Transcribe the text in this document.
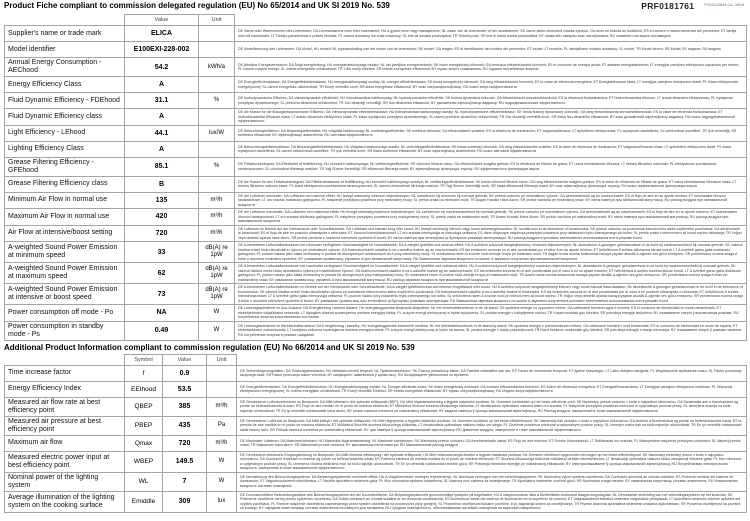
Product Fiche compliant to commission delegated regulation (EU) No 65/2014 and UK SI 2019 No. 539	PRF0181761	F0G0102848 Cd. 08/18
	Value	Unit	
Supplier's name or trade mark	ELICA		DE Name oder Warenzeichen des Lieferanten; DA Leverandørens navn eller varemærke; HU a gyártó neve vagy márkajelzése; NL naam van de leverancier of het handelsmerk; SK názov alebo obchodná značka výrobcu; GA ainm nó branda an tsoláthraí; ES el nombre o marca comercial del proveedor; ET tarnija nimi või kaubamärk; LT Tiekėjo pavadinimas ir prekės ženklas; PL nazwa dostawcy lub znak towarowy; SL ime ali oznaka proizvajalca; TR Tedarikçi adı; SR ime ili robna marka proizvođača; BY назва або таварны знак пастаўшчыка; RU название или марка поставщика
Model identifier	E100EXI-228-002		DE Modellkennung des Lieferanten; DA Model; HU modell; NL typeaanduiding van het model van de leverancier; SK model; GA leagan; ES el identificador del modelo del proveedor; ET mudel; LT modelis; PL identyfikator modelu dostawcy; SL model; TR Model tanımı; SR Model; BY мадэль; RU модель
Annual Energy Consumption - AEChood	54.2	kWh/a	DE jährliche Energieverbrauch; DA Årligt energiforbrug; HU energiahatékonysági mutató; NL het jaarlijkse energieverbruik; SK index energetickej účinnosti; GA ionnúsca éifeachtúlachta fuinnimh; ES el consumo de energía anual; ET aastane energiatarbimine; LT energijos vartojimo efektyvumo sąnaudos per metus; PL roczne zużycie energii; SL indeks energetske učinkovitosti; TR Yıllık enerji tüketimi; SR indeks energetske efikasnosti; BY індэкс энергіі спажывання; RU годовое потребление энергии
Energy Efficiency Class	A		DE Energieeffizienzklasse; DA Energieffektivitetsklasse; HU energiahatékonysági osztály; NL energie-efficiëntieklasse; SK trieda energetickej účinnosti; GA rang éifeachtúlachta fuinnimh; ES la clase de eficiencia energética; ET Energiatõhususe klass; LT energijos vartojimo efektyvumo klasė; PL klasa efektywności energetycznej; SL razred energetske učinkovitosti; TR Enerji verimlilik sınıfı; SR klasa energetske efikasnosti; BY клас энергаэфектыўнасці; RU класс энергоэффективности
Fluid Dynamic Efficiency - FDEhood	31.1	%	DE hydrodynamische Effizienz; DA Væskedynamisk effektivitet; HU hidrodinamikus hatékonyság; NL hydrodynamische efficiëntie; SK fluidná dynamická účinnosť; GA éifeachtúlacht shreabhdhinimiciúil; ES la eficiencia fluidodinámica; ET hüdrodünaamika tõhusus; LT srauto dinaminis efektyvumas; PL wydajność przepływu dynamicznego; SL pretočna dinamična učinkovitost; TR Sıvı dinamiği verimliliği; SR fluo dinamička efikasnost; BY дынамічная эфектыўнасць вадкасці; RU гидродинамическая эффективность
Fluid Dynamic Efficiency class	A		DE die Klasse für die flüssigkeitsdynamische Effizienz; DA Væskedynamisk effektivitetsklasse; HU hidrodinamikai hatékonysági osztály; NL hydrodynamische-efficiëntieklasse; SK trieda fluidnej dynamickej účinnosti; GA rang éifeachtúlachta shreabhdhinimiciúla; ES la clase de eficiencia fluidodinámica; ET hüdrodünaamika tõhususe klass; LT srauto dinaminio efektyvumo klasė; PL klasa wydajności przepływu dynamicznego; SL razred pretočne dinamične učinkovitosti; TR Sıvı dinamiği verimlilik sınıfı; SR klasa fluo-dinamičke efikasnosti; BY клас дынамічнай эфектыўнасці вадкасці; RU класс гидродинамической эффективности
Light Efficiency - LEhood	44.1	lux/W	DE Beleuchtungseffizienz; DA Belysningseffektivitet; HU világítási hatékonyság; NL verlichtingsefficiëntie; SK svetelná účinnosť; GA éifeachtúlacht soilsithe; ES la eficiencia de iluminación; ET valgustustõhusus; LT apšvietimo efektyvumas; PL wydajność oświetlenia; SL učinkovitost osvetlitve; TR Işık verimliliği; SR svetlosna efikasnost; BY эфектыўнасць асвятлення; RU световая эффективность
Lighting Efficiency Class	A		DE Beleuchtungseffizienzklasse; DA Belysningseffektivitetsklasse; HU világítási hatékonysági osztály; NL verlichtingsefficiëntieklasse; SK trieda svetelnej účinnosti; GA rang éifeachtúlachta soilsithe; ES la clase de eficiencia de iluminación; ET valgustustõhususe klass; LT apšvietimo efektyvumo klasė; PL klasa wydajności oświetlenia; SL razred učinkovitosti osvetlitve; TR Işık verimlilik sınıfı; SR klasa svetlosne efikasnosti; BY клас эфектыўнасці асвятлення; RU класс световой эффективности
Grease Filtering Efficiency - GFEhood	85.1	%	DE Fettabscheidegrad; DA Effektivitet af fedtfiltrering; HU zsírszűrő hatékonysága; NL vetfilteringsefficiëntie; SK účinnosť filtrácie tukov; GA éifeachtúlacht scagtha gréisce; ES la eficiencia de filtrado de grasa; ET rasva eemaldamise tõhusus; LT riebalų filtravimo našumas; PL efektywność pochłaniania zanieczyszczeń; SL učinkovitost filtriranja maščob; TR Yağ Süzme Verimliliği; SR efikasnost filtriranja masti; BY эфектыўнасць фільтрацыі тлушчу; RU эффективность фильтрации жиров
Grease Filtering Efficiency class	B		DE die Klasse für den Fettabscheidegrad; DA Effektivitetsklasse af fedtfiltrering; HU zsírszűrő hatékonysági osztálya; NL vetfilteringsefficiëntieklasse; SK trieda účinnosti filtrácie tukov; GA rang éifeachtúlachta scagtha gréisce; ES la clase de eficiencia de filtrado de grasa; ET rasva eemaldamise tõhususe klass; LT riebalų filtravimo našumo klasė; PL klasa efektywności pochłaniania zanieczyszczeń; SL razred učinkovitosti filtriranja maščob; TR Yağ Süzme Verimliliği sınıfı; SR klasa efikasnosti filtriranja masti; BY клас эфектыўнасці фільтрацыі тлушчу; RU класс эффективности фильтрации жиров
Minimum Air Flow in normal use	135	m³/h	DE der Luftstrom minimaler; DA Luftstrøm ved minimal effekt; HU levegő sebesség minimum teljesítményen; NL luchtstroom bij minimum bij normaal gebruik; SK prietok vzduchu pri minimálnom výkone; GA aershreabhadh ag an íoschumhacht; ES el flujo de aire en su ajuste mínimo; ET minimaalne õhuvool tavakasutusel; LT oro srautas mažiausiu galingumu; PL natężenie przepływu powietrza przy minimalnej mocy; SL pretok zraka na minimalni moči; TR Asgari Hızdaki Hava Akımı; SR protok vazduha pri minimalnoj snazi; BY паток паветра пры мінімальнай магутнасці; RU расход воздуха при минимальной мощности
Maximum Air Flow in normal use	420	m³/h	DE der Luftstrom maximaler; DA Luftstrøm ved maksimal effekt; HU levegő sebesség maximum teljesítményen; NL luchtstroom bij maximumsnelheid bij normaal gebruik; SK prietok vzduchu pri maximálnom výkone; GA aershreabhadh ag an uaschumhacht; ES el flujo de aire en su ajuste máximo; ET maksimaalne õhuvool tavakasutusel; LT oro srautas didžiausiu galingumu; PL natężenie przepływu powietrza przy maksymalnej mocy; SL pretok zraka na maksimalni moči; TR Azami Hızdaki Hava Akımı; SR protok vazduha pri maksimalnoj snazi; BY паток паветра пры максімальнай магутнасці; RU расход воздуха при максимальной мощности
Air Flow at intensive/boost setting	720	m³/h	DE Luftstrom im Betrieb auf der Intensivstufe oder Schnelllaufstufe; DA Luftstrøm ved intensiv brug eller boost; HU levegő sebesség intenzív vagy boost sebességfokozaton; NL luchtstroom in de intensieve of boostmodus; SK prietok vzduchu za podmienok intenzívneho alebo zvýšeného používania; GA aersheoladh le tréanúsáid; ES el flujo de aire en posición ultrarrápida o reforzada; ET õhuvool intensiivkasutusel; LT oro srautas intensyviąja ar forsuotąja veiksena; PL dane dotyczące natężenia przepływu powietrza przy ustawieniu trybu intensywnego lub turbo; SL pretok zraka v intenzivnem ali boost načinu delovanja; TR Yoğun veya destekli ayarda hava akımı; SR protok vazduha u uslovima intenzivne upotrebe ili boost; BY паток паветра пры інтэнсіўных ці бустарных рэжымах эксплуатацыі; RU расход воздуха в условиях интенсивного использования или в режиме boost
A-weighted Sound Power Emission at minimum speed	33	dB(A) re 1pW	DE A-bewerteten Luftschallemissionen bei minimaler verfügbarer Geschwindigkeit im Normalbetrieb; DA A-vægtet lydeffekt ved minimal effekt; HU A szűrővel súlyozott hangteljesítmény minimum teljesítményen; NL akoestische A-gewogen geluidsemissie in de lucht bij minimumsnelheid bij normaal gebruik; SK vážená hladina emisií hluku akustického výkonu pri minimálnom výkone; GA fuaimchumhacht ualaithe A na n-astuithe fuaime ag an íoschumhacht; ES las emisiones sonoras en el aire ponderadas por el valor A en su ajuste mínimo; ET helivõimsus A suhtes vähesema kiiruse korral; LT A svertinė garso galia mažiausiu galingumu; PL poziom hałasu jako hałas emitowany w postaci fal akustycznych odniesionych do A przy minimalnej mocy; SL vrednotena raven A zvočne moči emisije hrupa pri minimalni moči; TR Asgari hızda normal kullanımda havaya yayılan akustik A-ağırlıklı ses gücü emisyonu; SR ponderisana zvučna snaga A buke u uslovima minimalne upotrebe; BY узважаная гукавая моц, узровень A пры мінімальнай магутнасці; RU Взвешенная звуковая мощность по шкале A звукового излучения при минимальной мощности
A-weighted Sound Power Emission at maximum speed	62	dB(A) re 1pW	DE A-bewerteten Luftschallemissionen bei maximaler verfügbarer Geschwindigkeit im Normalbetrieb; DA A-vægtet lydeffekt ved maksimal effekt; HU A szűrővel súlyozott hangteljesítmény maximum teljesítményen; NL akoestische A-gewogen geluidsemissie in de lucht bij maximumsnelheid bij normaal gebruik; SK vážená hladina emisií hluku akustického výkonu pri maximálnom výkone; GA fuaimchumhacht ualaithe A na n-astuithe fuaime ag an uaschumhacht; ES las emisiones sonoras en el aire ponderadas por el valor A en su ajuste máximo; ET helivõimsus A suhtes suurima kiiruse korral; LT A svertinė garso galia didžiausiu galingumu; PL poziom hałasu jako hałas emitowany w postaci fal akustycznych przy maksymalnej mocy; SL vrednotena raven A zvočne moči emisije hrupa pri maksimalni moči; TR Azami hızda normal kullanımda havaya yayılan akustik A-ağırlıklı ses gücü emisyonu; SR ponderisana zvučna snaga A buke pri maksimalnoj snazi; BY узважаная гукавая моц, узровень A пры максімальнай магутнасці; RU расход звуковая мощность при максимальной мощности
A-weighted Sound Power Emission at intensive or boost speed	73	dB(A) re 1pW	DE A-bewerteten Luftschallemissionen im Betrieb auf der Intensivstufe oder Schnelllaufstufe; DA A-vægtet lydeffektniveau ved intensiv brug/tilstand eller boost; HU A szűrővel súlyozott hangteljesítmény intenzív vagy boost fokozat használatakor; NL akoestische A-gewogen geluidsemissie in de lucht in de intensieve of boostmodus; SK vážená hladina emisií hluku akustického výkonu za podmienok intenzívneho alebo zvýšeného používania; GA fuaimchumhacht ualaithe A na n-astuithe fuaime le tréanúsáid; ES las emisiones sonoras en el aire ponderadas por el valor A en posición ultrarrápida o reforzada; ET helivõimsus A suhtes intensiivkasutusel; LT A svertinė garso galia intensyviąja veiksena; PL poziom hałasu przy ustawieniu trybu intensywnego lub turbo; SL vrednotena raven A zvočne moči pri intenzivnem ali boost načinu; TR Yoğun veya destekli ayarda havaya yayılan akustik A-ağırlıklı ses gücü emisyonu; SR ponderisana zvučna snaga A buke u uslovima intenzivne upotrebe ili boost; BY узважаная гукавая моц пры інтэнсіўных ці бустарных рэжымах эксплуатацыі; RU Взвешенная звуковая мощность по шкале A звукового излучения в условиях интенсивного использования или в режиме boost
Power consumption off mode - Po	NA	W	DE Leistungsaufnahme im Aus-Zustand; DA Energiforbrug i slukket tilstand; HU energiafogyasztás kikapcsolt állapotban; NL het elektriciteitsverbruik in de uit-stand; SK spotreba energie vo vypnutom režime; GA caitheamh fuinnimh agus é múchta; ES el consumo de electricidad en modo desactivado; ET elektritarbimine väljalülitatud seisundis; LT išjungties būsena suvartojamos elektros energijos kiekis; PL zużycie energii elektrycznej w trybie wyłączenia; SL poraba energije v izklopljenem načinu; TR Kapalı moddaki güç tüketimi; SR potrošnja energije isključena; BY спажыванне энергіі ў выключаным рэжыме; RU потребление энергии в выключенном состоянии
Power consumption in standby mode - Ps	0.49	W	DE Leistungsaufnahme im Bereitschaftszustand; DA Energiforbrug i standby; HU energiafogyasztás készenléti módban; NL het elektriciteitsverbruik in de stand-by-stand; SK spotreba energie v pohotovostnom režime; GA caitheamh fuinnimh i mód fuireachais; ES el consumo de electricidad en modo de espera; ET elektritarbimine ooteseisundis; LT budėjimo veiksena suvartojamos elektros energijos kiekis; PL zużycie energii elektrycznej w trybie czuwania; SL poraba energije v stanju pripravljenosti; TR Hazır bekleme modundaki güç tüketimi; SR potrošnja energije u stanju mirovanja; BY спажыванне энергіі ў рэжыме чакання; RU потребление энергии в режиме ожидания
Additional Product Information compliant to commission regulation (EU) No 66/2014 and UK SI 2019 No. 539
	Symbol	Value	Unit	
Time increase factor	f	0.9		DE Zeitverlängerungsfaktor; DA Tidsforøgelsesfaktor; HU időtartam-növelő tényező; NL Tijdstoenamefactor; SK Časový prírastkový faktor; GA Fachtóir méadaithe san am; ES Factor de incremento temporal; ET Ajaline kasvutegur; LT Laiko didėjimo daugiklis; PL Współczynnik wydłużenia czasu; SL Faktor povečanja skupnega časa; SR Faktor povećanja tokom vremena; BY каэфіцыент павелічэння ў цягам часу; RU Коэффициент увеличения по времени
Energy Efficiency Index	EEIhood	53.5		DE Energieeffizienzindex; DA Energieffektivitetsindeks; HU Energiahatékonysági mutató; NL Energie-efficiëntie-index; SK Index energetickej účinnosti; GA Innéacs éifeachtúlachta fuinnimh; ES Índice de eficiencia energética; ET Energiatõhususindeks; LT Energijos vartojimo efektyvumo indeksas; PL Wskaźnik efektywności energetycznej; SL Indeks energijske učinkovitosti; TR Enerji Verimlilik Endeksi; SR Indeks energetske efikasnosti; BY Індэкс энергаэфектыўнасці; RU Индекс энергоэффективности
Measured air flow rate at best efficiency point	QBEP	385	m³/h	DE Gemessener Luftvolumenstrom im Bestpunkt; DA Målt luftstrøm i det optimale driftspunkt (BEP); HU Mért légáramsebesség a legjobb hatásfokú pontban; NL Gemeten luchtdebiet op het beste-efficiëntie punt; SK Nameraný prietok vzduchu v bode s najvyššou účinnosťou; GA Sreabhráta aeir a thomhaistear ag pointe na héifeachtúlachta is fearr; ES Flujo de aire medido en el punto de máxima eficiencia; ET Mõõdetud õhuvool suurima tõhususega töökohas; LT Išmatuotasis optimalaus našumo taško oro srautas; PL Natężenie przepływu powietrza mierzone w optymalnym punkcie pracy; SL Izmerjena stopnja na točki največje učinkovitosti; TR En iyi verimlilik noktasındaki hava akımı; SR protok vazduha izmerena pri maksimalnoj efikasnosti; BY выдаткі паветра ў кропцы максімальнай эфектыўнасці; RU Расход воздуха, замеренный в точке максимальной эффективности
Measured air pressure at best efficiency point	PBEP	435	Pa	DE Gemessener Luftdruck im Bestpunkt; DA Målt lufttryk i det optimale driftspunkt; HU Mért légnyomás a legjobb hatásfokú pontban; NL Gemeten luchtdruk op het beste-efficiëntiepunt; SK Nameraný tlak vzduchu v bode s najvyššou účinnosťou; GA Aerbhrú a thomhaistear ag pointe na héifeachtúlachta uasta; ES la presión de aire medida en el punto de máxima eficiencia; ET Mõõdetud õhurõhk suurima tõhususega töökohas; LT Išmatuotasis optimalaus našumo taško oro slėgis; PL Ciśnienie powietrza mierzone w optymalnym punkcie pracy; SL Izmerjen zračni tlak na točki največje učinkovitosti; TR En iyi verimlilik noktasındaki statik basınç farkı; SR Pritisak vazduha izmerena pri maksimalnoj efikasnosti; BY ціск паветра ў кропцы максімальнай эфектыўнасці; RU Давление воздуха, замеренное в точке максимальной эффективности
Maximum air flow	Qmax	720	m³/h	DE Maximaler Luftstrom; DA Maksimal luftstrøm; HU Maximális légáramsebesség; NL Maximale luchtstroom; SK Maximálny prietok vzduchu; GA Aershreabhadh uasta; ES Flujo de aire máximo; ET Suurim õhuvooluhulk; LT Didžiausias oro srautas; PL Maksymalne natężenie przepływu powietrza; SL Največji pretok zraka; TR Maksimum hava akımı; SR Maksimalni protok vazduha; BY максімальны паток паветра; RU Максимальный расход воздуха
Measured electric power input at best efficiency point	WBEP	149.5	W	DE Gemessene elektrische Eingangsleistung im Bestpunkt; DA Målt elektrisk effektoptag i det optimale driftspunkt; HU Mért villamosenergia-felvétel a legjobb hatásfokú pontban; NL Gemeten elektrisch opgenomen vermogen op het beste-efficiëntiepunt; SK Nameraný elektrický príkon v bode s najvyššou účinnosťou; GA Cumhacht leictreach a chaitear ag pointe na héifeachtúlachta uasta; ES Potencia eléctrica de entrada medida en el punto de máxima eficiencia; ET Suurima tõhususega töökohas mõõdetud tarbitav sisendvõimsus; LT Išmatuotoji optimalaus našumo taško vartojamoji elektrinė galia; PL Moc mierzona w optymalnym punkcie pracy; SL Izmerjena vhodna električna moč na točki najvišje učinkovitosti; TR En iyi verimlilik noktasındaki elektrik gücü; SR Potrošnja električne energije pri maksimalnoj efikasnosti; BY электраспажыванне ў кропцы максімальнай эфектыўнасці; RU Потребляемая электрическая мощность, замеренная в точке максимальной эффективности
Nominal power of the lighting system	WL	7	W	DE Nennleistung des Beleuchtungssystems; DA Belysningssystemets nominelle effekt; HU A világítórendszer névleges teljesítménye; NL Nominaal vermogen van het verlichtingssysteem; SK Nominálny výkon systému osvetlenia; GA Cumhacht ainmniúil an chórais soilsithe; ES Potencia nominal del sistema de iluminación; ET Valgustussüsteemi nimivõimsus; LT Vardinė apšvietimo sistemos galia; PL Moc nominalna systemu oświetlenia; SL Nazivna moč sistema za osvetljevanje; TR Aydınlatma sisteminin nominal gücü; SR Nominalna snaga rasvete; BY намінальная магутнасць сістэмы асвятлення; RU Номинальная мощность системы освещения
Average illumination of the lighting system on the cooking surface	Emiddle	309	lux	DE Durchschnittliche Beleuchtungsstärke des Beleuchtungssystems auf der Kochoberfläche; DA Belysningssystemets gennemsnitlige lysstyrke på kogefladen; HU A világítórendszer által a főzőfelületen biztosított átlagos megvilágítás; NL Gemiddelde verlichting van het verlichtingssysteem op het kookvlak; SK Priemerné osvetlenie varnej plochy systémom osvetlenia; GA Soilsiú meánach an chórais soilsithe ar an dromchla cócaireachta; ES Iluminancia media del sistema de iluminación en la superficie de cocción; ET Valgussüsteemi tekitatud keskmine valgustatus pliidiplaadil; LT Apšvietimo sistemos vidutinė apšvieta ant viryklės paviršiaus; PL Średnie natężenie oświetlenia zapewnianego przez system oświetlenia na powierzchni płyty grzejnej; SL Povprečna osvetljenost kuhalne površine, ki jo zagotavlja sistem za osvetljevanje; TR Pişirme alanında aydınlatma sisteminin ortalama aydınlatması; SR Prosečna osvetljenost na površini za kuvanje; BY сярэдняя асветленасць сістэмы асвятлення на паверхні для гатавання; RU Средняя освещенность, обеспечиваемая системой освещения на варочной поверхности
